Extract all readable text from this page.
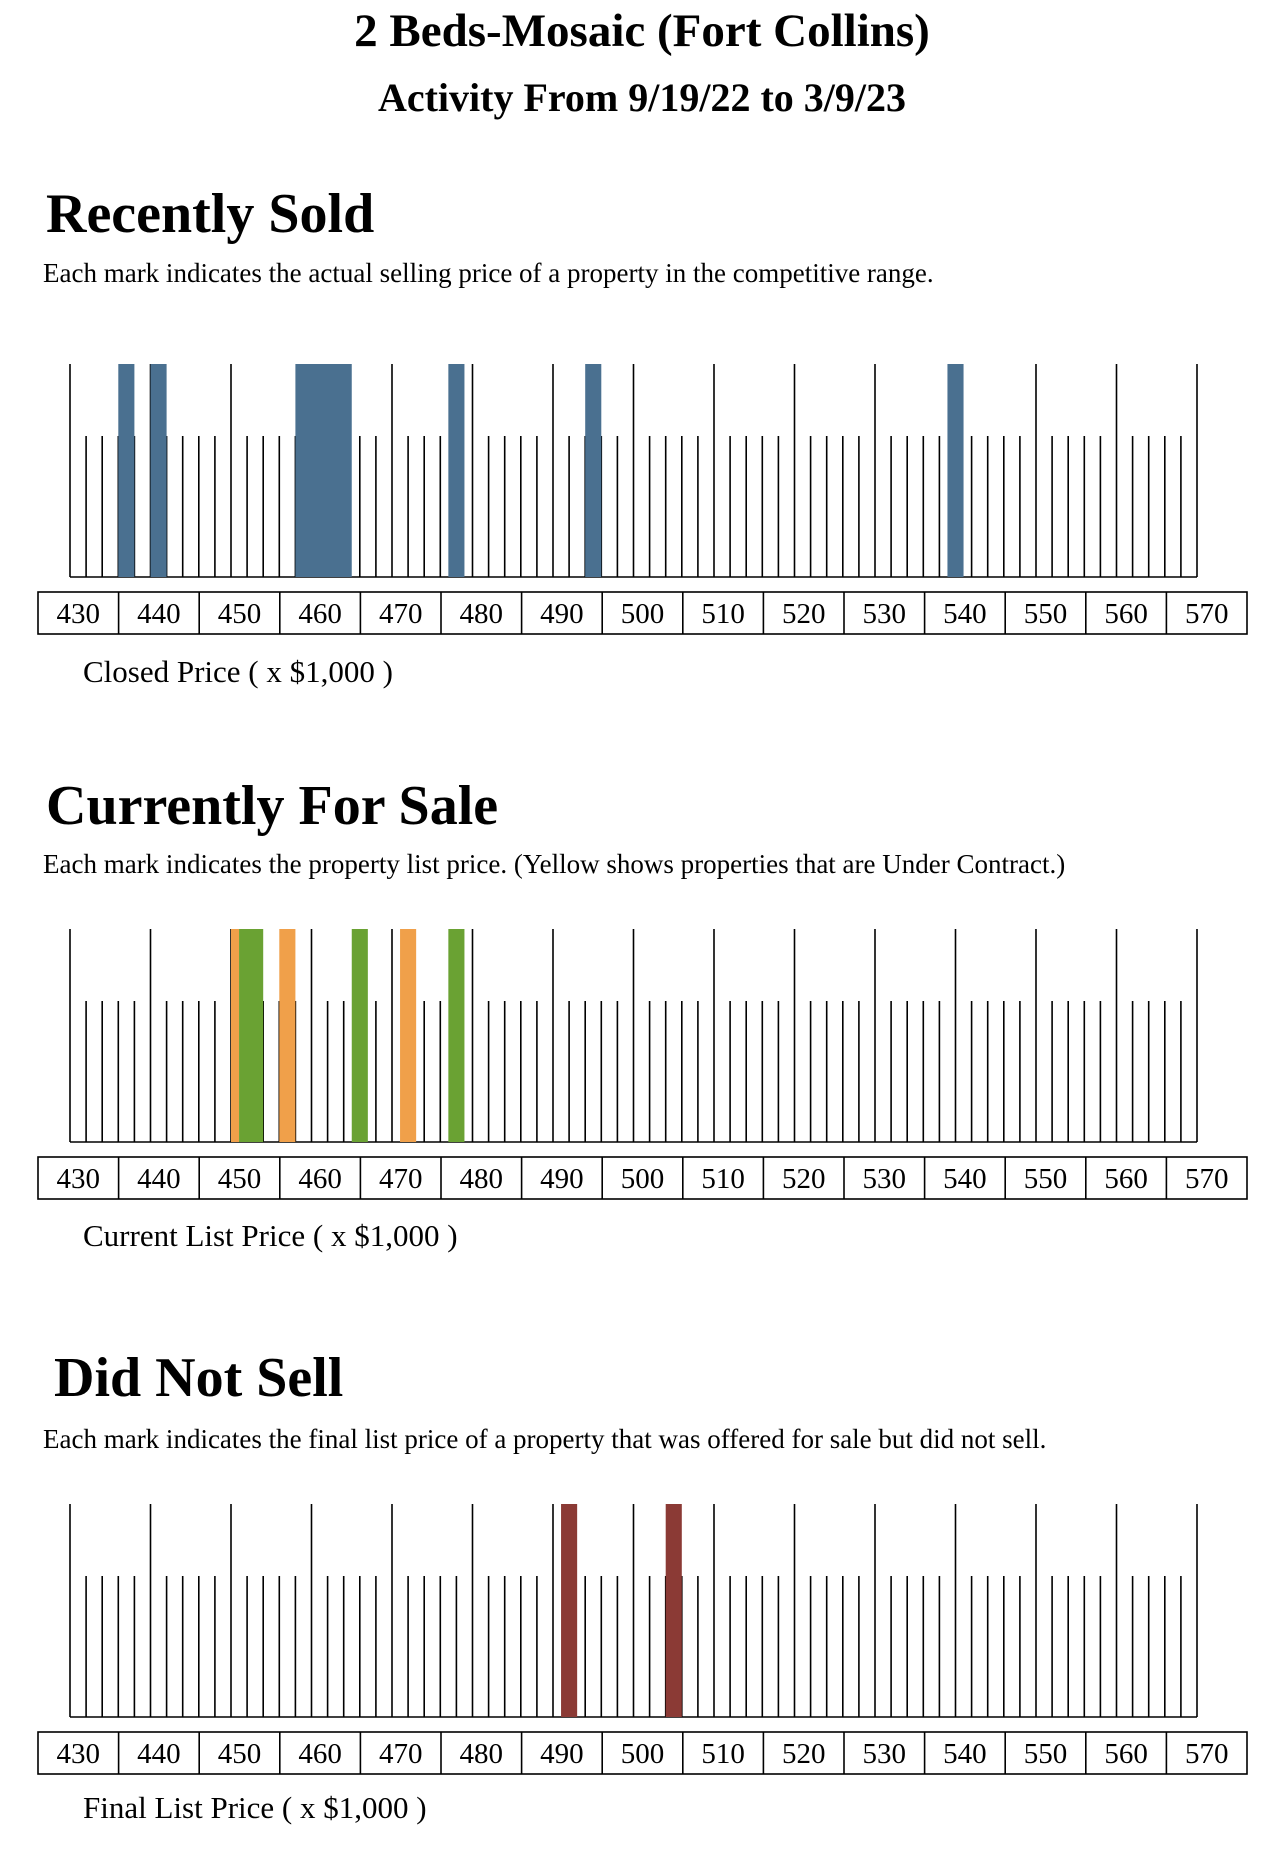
2 Beds-Mosaic (Fort Collins)
Activity From 9/19/22 to 3/9/23
Recently Sold
Each mark indicates the actual selling price of a property in the competitive range.
430 440 450 460 470 480 490 500 510 520 530 540 550 560 570
Closed Price ( x $1,000 )
Currently For Sale
Each mark indicates the property list price. (Yellow shows properties that are Under Contract.)
430 440 450 460 470 480 490 500 510 520 530 540 550 560 570
Current List Price ( x $1,000 )
Did Not Sell
Each mark indicates the final list price of a property that was offered for sale but did not sell.
430 440 450 460 470 480 490 500 510 520 530 540 550 560 570
Final List Price ( x $1,000 )
